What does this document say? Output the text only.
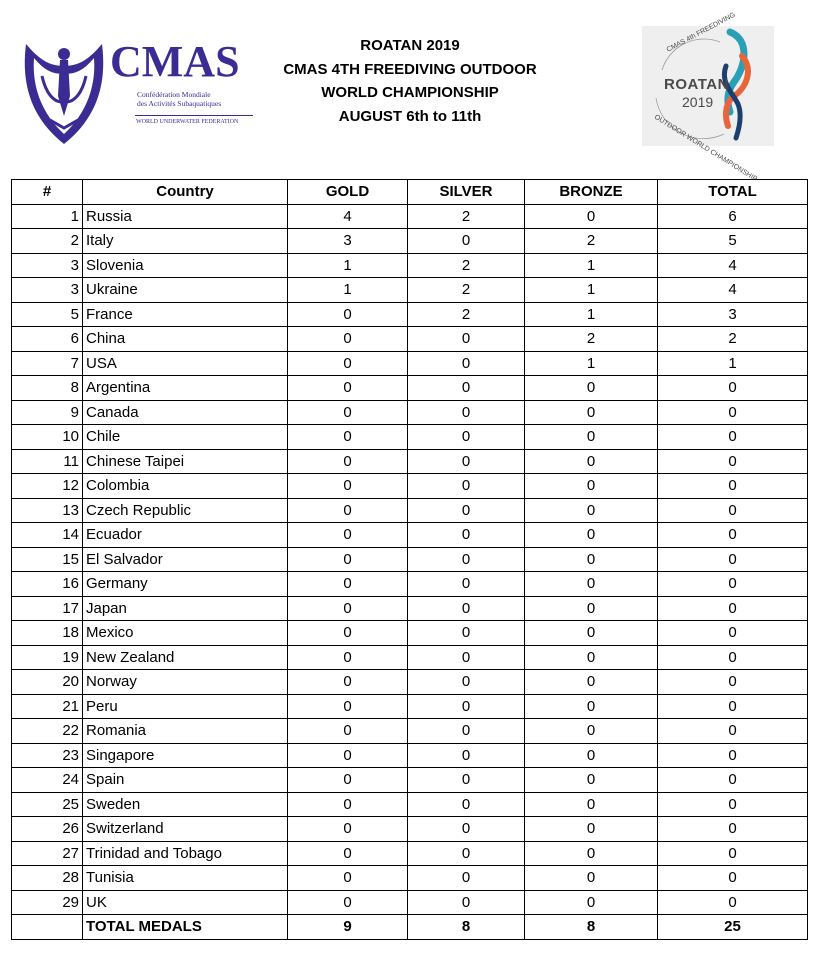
CMAS
Confédération Mondiale
des Activités Subaquatiques
WORLD UNDERWATER FEDERATION
ROATAN 2019
CMAS 4TH FREEDIVING OUTDOOR
WORLD CHAMPIONSHIP
AUGUST 6th to 11th
CMAS 4th FREEDIVING
OUTDOOR WORLD CHAMPIONSHIP
ROATAN
2019
#	Country	GOLD	SILVER	BRONZE	TOTAL
1	Russia	4	2	0	6
2	Italy	3	0	2	5
3	Slovenia	1	2	1	4
3	Ukraine	1	2	1	4
5	France	0	2	1	3
6	China	0	0	2	2
7	USA	0	0	1	1
8	Argentina	0	0	0	0
9	Canada	0	0	0	0
10	Chile	0	0	0	0
11	Chinese Taipei	0	0	0	0
12	Colombia	0	0	0	0
13	Czech Republic	0	0	0	0
14	Ecuador	0	0	0	0
15	El Salvador	0	0	0	0
16	Germany	0	0	0	0
17	Japan	0	0	0	0
18	Mexico	0	0	0	0
19	New Zealand	0	0	0	0
20	Norway	0	0	0	0
21	Peru	0	0	0	0
22	Romania	0	0	0	0
23	Singapore	0	0	0	0
24	Spain	0	0	0	0
25	Sweden	0	0	0	0
26	Switzerland	0	0	0	0
27	Trinidad and Tobago	0	0	0	0
28	Tunisia	0	0	0	0
29	UK	0	0	0	0
	TOTAL MEDALS	9	8	8	25
